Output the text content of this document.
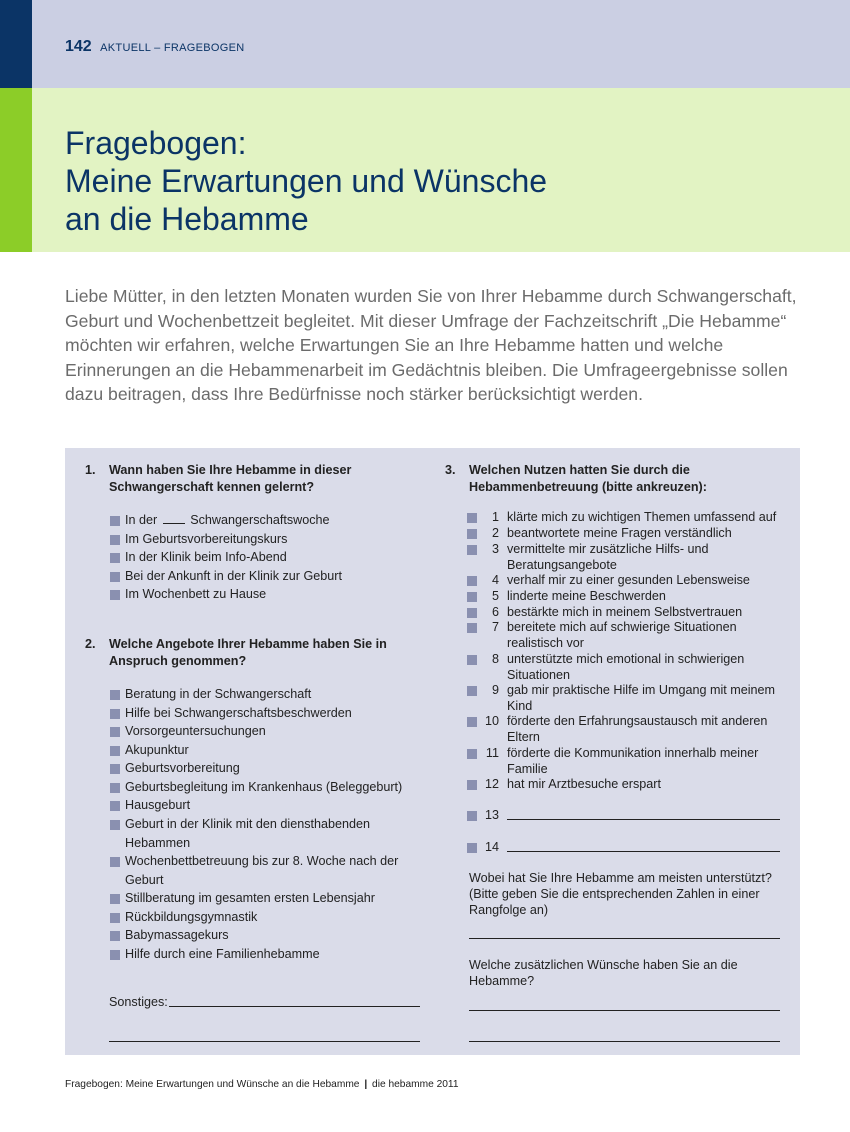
142 AKTUELL – FRAGEBOGEN
Fragebogen:
Meine Erwartungen und Wünsche
an die Hebamme

Liebe Mütter, in den letzten Monaten wurden Sie von Ihrer Hebamme durch Schwangerschaft, Geburt und Wochenbettzeit begleitet. Mit dieser Umfrage der Fachzeitschrift „Die Hebamme“ möchten wir erfahren, welche Erwartungen Sie an Ihre Hebamme hatten und welche Erinnerungen an die Hebammenarbeit im Gedächtnis bleiben. Die Umfrageergebnisse sollen dazu beitragen, dass Ihre Bedürfnisse noch stärker berücksichtigt werden.

1. Wann haben Sie Ihre Hebamme in dieser Schwangerschaft kennen gelernt?
In der	Schwangerschaftswoche
Im Geburtsvorbereitungskurs
In der Klinik beim Info-Abend
Bei der Ankunft in der Klinik zur Geburt
Im Wochenbett zu Hause
2. Welche Angebote Ihrer Hebamme haben Sie in Anspruch genommen?
Beratung in der Schwangerschaft
Hilfe bei Schwangerschaftsbeschwerden
Vorsorgeuntersuchungen
Akupunktur
Geburtsvorbereitung
Geburtsbegleitung im Krankenhaus (Beleggeburt)
Hausgeburt
Geburt in der Klinik mit den diensthabenden Hebammen
Wochenbettbetreuung bis zur 8. Woche nach der Geburt
Stillberatung im gesamten ersten Lebensjahr
Rückbildungsgymnastik
Babymassagekurs
Hilfe durch eine Familienhebamme
Sonstiges:
3. Welchen Nutzen hatten Sie durch die Hebammenbetreuung (bitte ankreuzen):
1 klärte mich zu wichtigen Themen umfassend auf
2 beantwortete meine Fragen verständlich
3 vermittelte mir zusätzliche Hilfs- und Beratungsangebote
4 verhalf mir zu einer gesunden Lebensweise
5 linderte meine Beschwerden
6 bestärkte mich in meinem Selbstvertrauen
7 bereitete mich auf schwierige Situationen realistisch vor
8 unterstützte mich emotional in schwierigen Situationen
9 gab mir praktische Hilfe im Umgang mit meinem Kind
10 förderte den Erfahrungsaustausch mit anderen Eltern
11 förderte die Kommunikation innerhalb meiner Familie
12 hat mir Arztbesuche erspart
13
14
Wobei hat Sie Ihre Hebamme am meisten unterstützt? (Bitte geben Sie die entsprechenden Zahlen in einer Rangfolge an)
Welche zusätzlichen Wünsche haben Sie an die Hebamme?
Fragebogen: Meine Erwartungen und Wünsche an die Hebamme | die hebamme 2011
